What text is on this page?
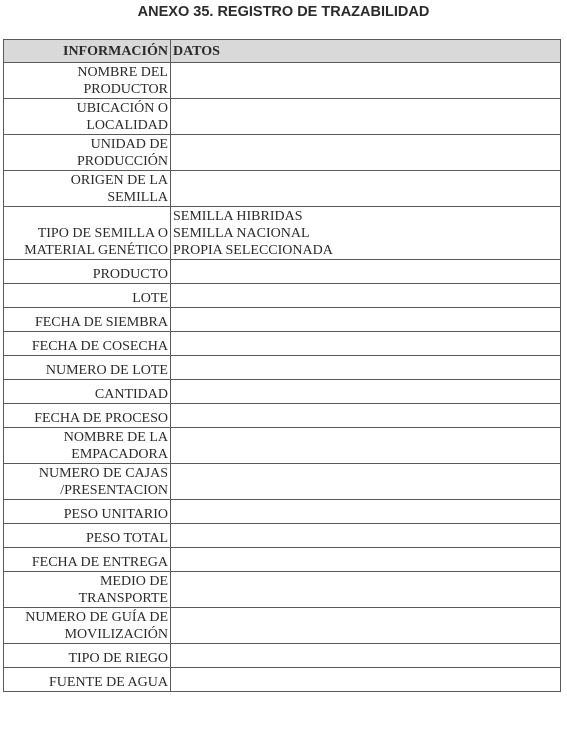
ANEXO 35. REGISTRO DE TRAZABILIDAD
INFORMACIÓN	DATOS

NOMBRE DEL
PRODUCTOR	

UBICACIÓN O
LOCALIDAD	

UNIDAD DE
PRODUCCIÓN	

ORIGEN DE LA
SEMILLA	

TIPO DE SEMILLA O
MATERIAL GENÉTICO	SEMILLA HIBRIDAS
SEMILLA NACIONAL
PROPIA SELECCIONADA

PRODUCTO	

LOTE	

FECHA DE SIEMBRA	

FECHA DE COSECHA	

NUMERO DE LOTE	

CANTIDAD	

FECHA DE PROCESO	

NOMBRE DE LA
EMPACADORA	

NUMERO DE CAJAS
/PRESENTACION	

PESO UNITARIO	

PESO TOTAL	

FECHA DE ENTREGA	

MEDIO DE
TRANSPORTE	

NUMERO DE GUÍA DE
MOVILIZACIÓN	

TIPO DE RIEGO	

FUENTE DE AGUA	
